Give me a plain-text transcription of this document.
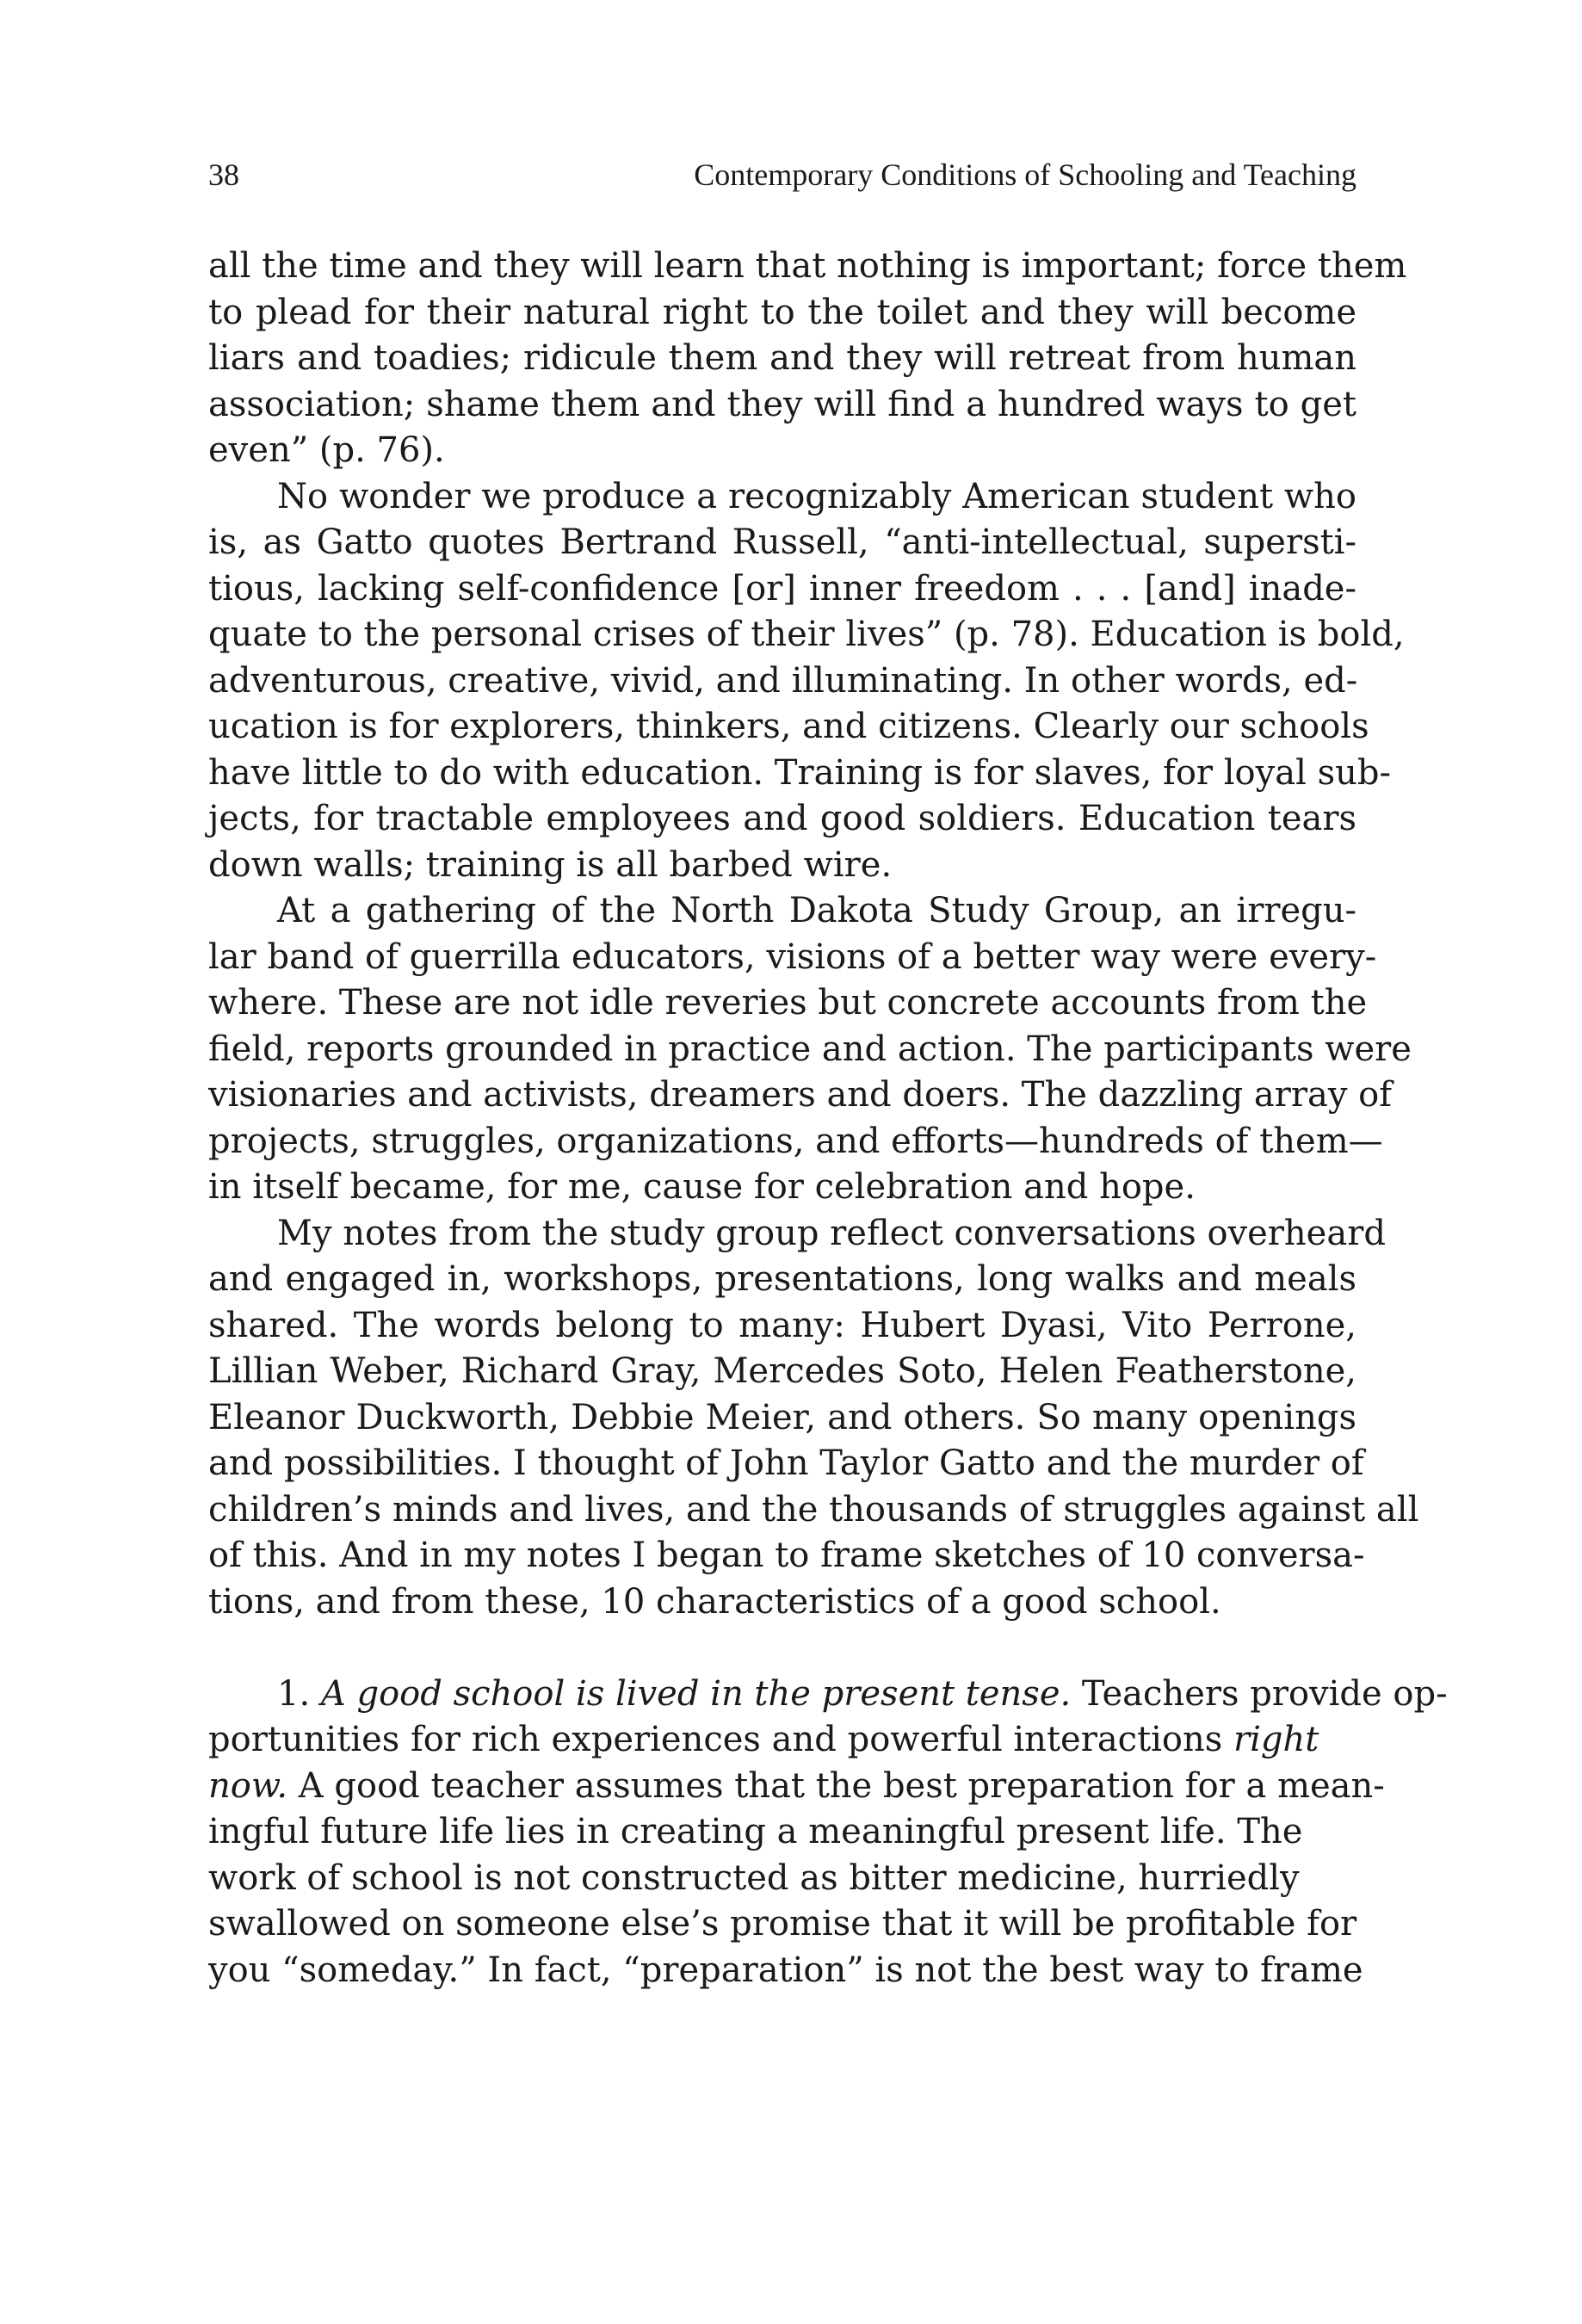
38	Contemporary Conditions of Schooling and Teaching
all the time and they will learn that nothing is important; force them
to plead for their natural right to the toilet and they will become
liars and toadies; ridicule them and they will retreat from human
association; shame them and they will find a hundred ways to get
even” (p. 76).
No wonder we produce a recognizably American student who
is, as Gatto quotes Bertrand Russell, “anti-intellectual, supersti-
tious, lacking self-confidence [or] inner freedom . . . [and] inade-
quate to the personal crises of their lives” (p. 78). Education is bold,
adventurous, creative, vivid, and illuminating. In other words, ed-
ucation is for explorers, thinkers, and citizens. Clearly our schools
have little to do with education. Training is for slaves, for loyal sub-
jects, for tractable employees and good soldiers. Education tears
down walls; training is all barbed wire.
At a gathering of the North Dakota Study Group, an irregu-
lar band of guerrilla educators, visions of a better way were every-
where. These are not idle reveries but concrete accounts from the
field, reports grounded in practice and action. The participants were
visionaries and activists, dreamers and doers. The dazzling array of
projects, struggles, organizations, and efforts—hundreds of them—
in itself became, for me, cause for celebration and hope.
My notes from the study group reflect conversations overheard
and engaged in, workshops, presentations, long walks and meals
shared. The words belong to many: Hubert Dyasi, Vito Perrone,
Lillian Weber, Richard Gray, Mercedes Soto, Helen Featherstone,
Eleanor Duckworth, Debbie Meier, and others. So many openings
and possibilities. I thought of John Taylor Gatto and the murder of
children’s minds and lives, and the thousands of struggles against all
of this. And in my notes I began to frame sketches of 10 conversa-
tions, and from these, 10 characteristics of a good school.
1. A good school is lived in the present tense. Teachers provide op-
portunities for rich experiences and powerful interactions right
now. A good teacher assumes that the best preparation for a mean-
ingful future life lies in creating a meaningful present life. The
work of school is not constructed as bitter medicine, hurriedly
swallowed on someone else’s promise that it will be profitable for
you “someday.” In fact, “preparation” is not the best way to frame
